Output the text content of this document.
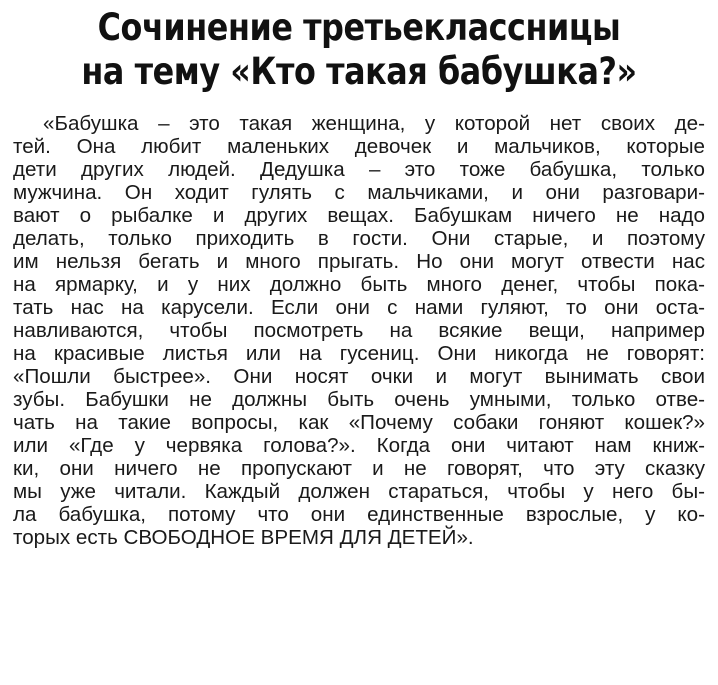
Сочинение третьеклассницы
на тему «Кто такая бабушка?»
«Бабушка – это такая женщина, у которой нет своих де-
тей. Она любит маленьких девочек и мальчиков, которые
дети других людей. Дедушка – это тоже бабушка, только
мужчина. Он ходит гулять с мальчиками, и они разговари-
вают о рыбалке и других вещах. Бабушкам ничего не надо
делать, только приходить в гости. Они старые, и поэтому
им нельзя бегать и много прыгать. Но они могут отвести нас
на ярмарку, и у них должно быть много денег, чтобы пока-
тать нас на карусели. Если они с нами гуляют, то они оста-
навливаются, чтобы посмотреть на всякие вещи, например
на красивые листья или на гусениц. Они никогда не говорят:
«Пошли быстрее». Они носят очки и могут вынимать свои
зубы. Бабушки не должны быть очень умными, только отве-
чать на такие вопросы, как «Почему собаки гоняют кошек?»
или «Где у червяка голова?». Когда они читают нам книж-
ки, они ничего не пропускают и не говорят, что эту сказку
мы уже читали. Каждый должен стараться, чтобы у него бы-
ла бабушка, потому что они единственные взрослые, у ко-
торых есть СВОБОДНОЕ ВРЕМЯ ДЛЯ ДЕТЕЙ».
